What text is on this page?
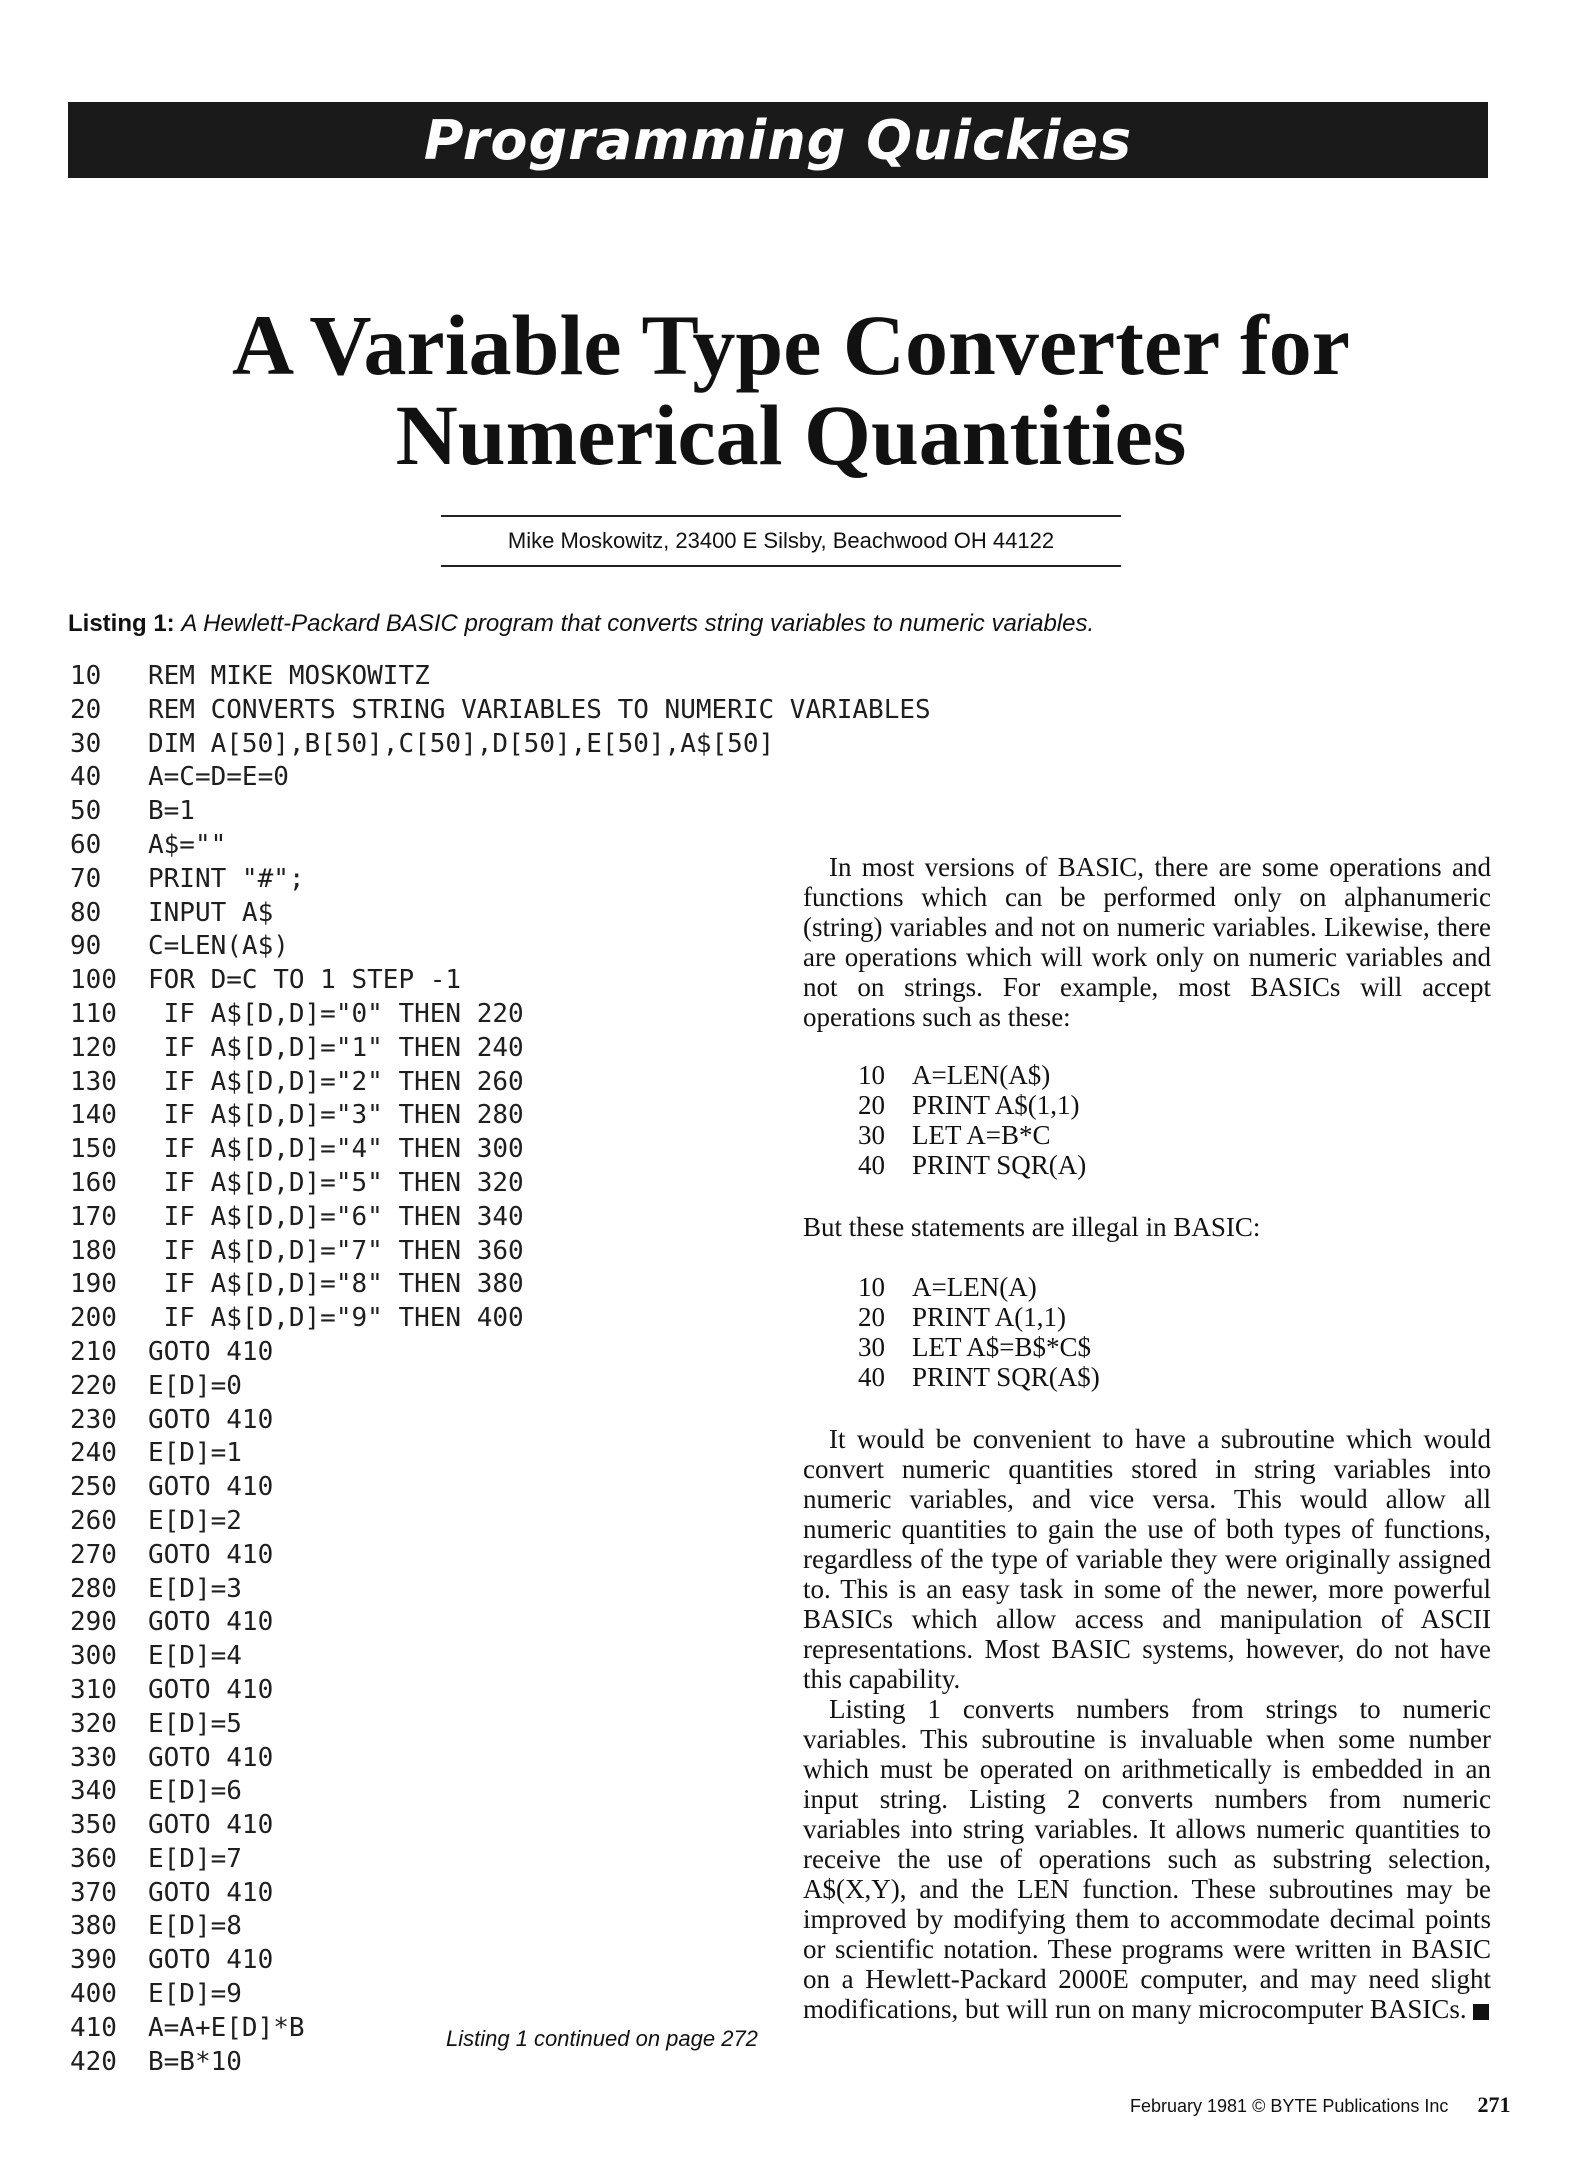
Programming Quickies
A Variable Type Converter for
Numerical Quantities
Mike Moskowitz, 23400 E Silsby, Beachwood OH 44122
Listing 1: A Hewlett-Packard BASIC program that converts string variables to numeric variables.
10	REM MIKE MOSKOWITZ
20	REM CONVERTS STRING VARIABLES TO NUMERIC VARIABLES
30	DIM A[50],B[50],C[50],D[50],E[50],A$[50]
40	A=C=D=E=0
50	B=1
60	A$=""
70	PRINT "#";
80	INPUT A$
90	C=LEN(A$)
100	FOR D=C TO 1 STEP -1
110	IF A$[D,D]="0" THEN 220
120	IF A$[D,D]="1" THEN 240
130	IF A$[D,D]="2" THEN 260
140	IF A$[D,D]="3" THEN 280
150	IF A$[D,D]="4" THEN 300
160	IF A$[D,D]="5" THEN 320
170	IF A$[D,D]="6" THEN 340
180	IF A$[D,D]="7" THEN 360
190	IF A$[D,D]="8" THEN 380
200	IF A$[D,D]="9" THEN 400
210	GOTO 410
220	E[D]=0
230	GOTO 410
240	E[D]=1
250	GOTO 410
260	E[D]=2
270	GOTO 410
280	E[D]=3
290	GOTO 410
300	E[D]=4
310	GOTO 410
320	E[D]=5
330	GOTO 410
340	E[D]=6
350	GOTO 410
360	E[D]=7
370	GOTO 410
380	E[D]=8
390	GOTO 410
400	E[D]=9
410	A=A+E[D]*B
420	B=B*10
Listing 1 continued on page 272

In most versions of BASIC, there are some operations and functions which can be performed only on alphanumeric (string) variables and not on numeric variables. Likewise, there are operations which will work only on numeric variables and not on strings. For example, most BASICs will accept operations such as these:

10	A=LEN(A$)
20	PRINT A$(1,1)
30	LET A=B*C
40	PRINT SQR(A)

But these statements are illegal in BASIC:

10	A=LEN(A)
20	PRINT A(1,1)
30	LET A$=B$*C$
40	PRINT SQR(A$)

It would be convenient to have a subroutine which would convert numeric quantities stored in string variables into numeric variables, and vice versa. This would allow all numeric quantities to gain the use of both types of functions, regardless of the type of variable they were originally assigned to. This is an easy task in some of the newer, more powerful BASICs which allow access and manipulation of ASCII representations. Most BASIC systems, however, do not have this capability.

Listing 1 converts numbers from strings to numeric variables. This subroutine is invaluable when some number which must be operated on arithmetically is embedded in an input string. Listing 2 converts numbers from numeric variables into string variables. It allows numeric quantities to receive the use of operations such as substring selection, A$(X,Y), and the LEN function. These subroutines may be improved by modifying them to accommodate decimal points or scientific notation. These programs were written in BASIC on a Hewlett-Packard 2000E computer, and may need slight modifications, but will run on many microcomputer BASICs.

February 1981 © BYTE Publications Inc 271
